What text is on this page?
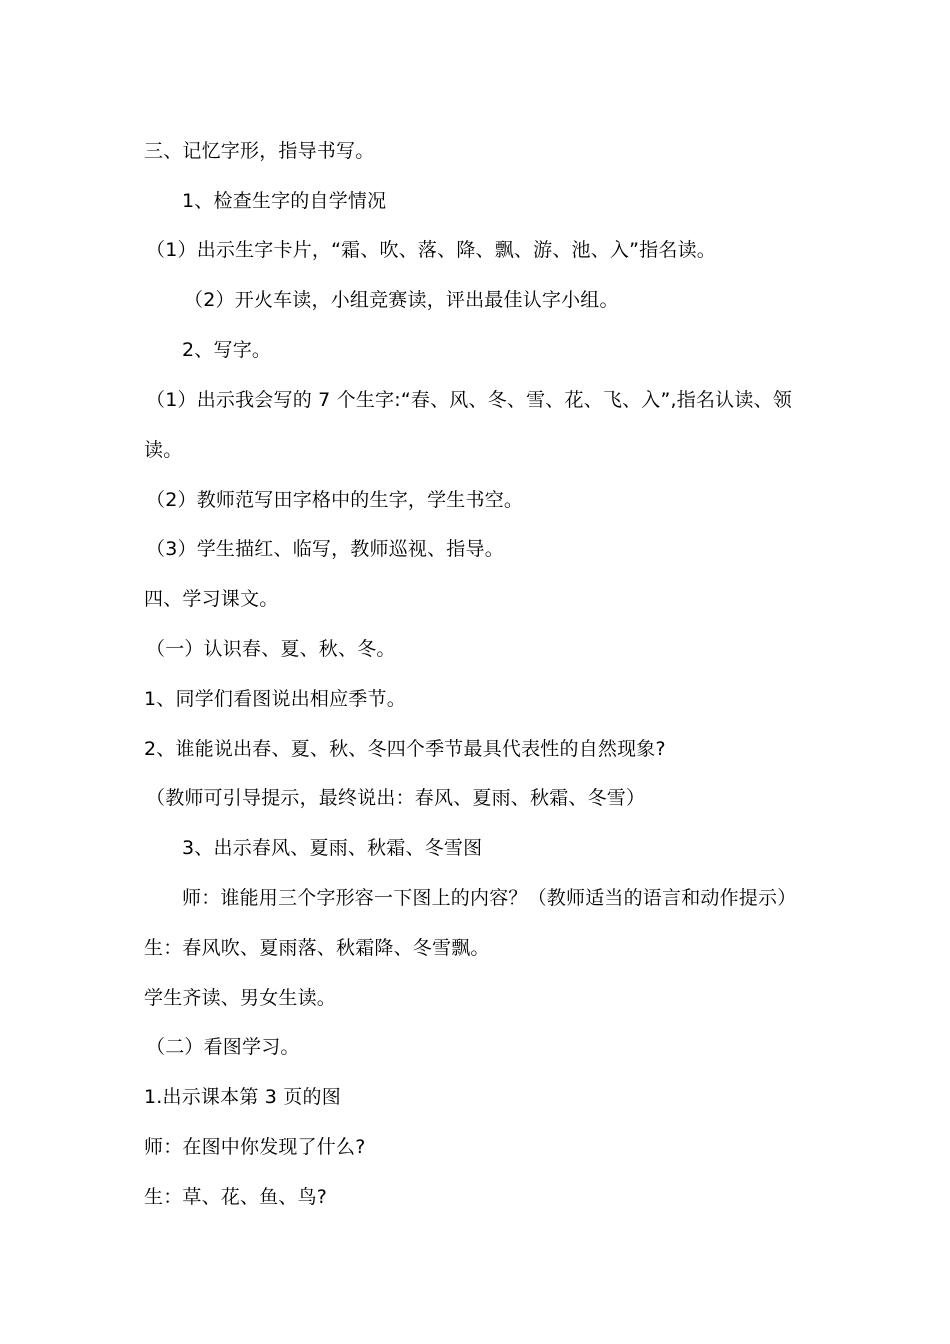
三、记忆字形，指导书写。
1、检查生字的自学情况
（1）出示生字卡片，“霜、吹、落、降、飘、游、池、入”指名读。
（2）开火车读，小组竞赛读，评出最佳认字小组。
2、写字。
（1）出示我会写的 7 个生字:“春、风、冬、雪、花、飞、入”,指名认读、领
读。
（2）教师范写田字格中的生字，学生书空。
（3）学生描红、临写，教师巡视、指导。
四、学习课文。
（一）认识春、夏、秋、冬。
1、同学们看图说出相应季节。
2、谁能说出春、夏、秋、冬四个季节最具代表性的自然现象?
（教师可引导提示，最终说出：春风、夏雨、秋霜、冬雪）
3、出示春风、夏雨、秋霜、冬雪图
师：谁能用三个字形容一下图上的内容？（教师适当的语言和动作提示）
生：春风吹、夏雨落、秋霜降、冬雪飘。
学生齐读、男女生读。
（二）看图学习。
1.出示课本第 3 页的图
师：在图中你发现了什么?
生：草、花、鱼、鸟?
